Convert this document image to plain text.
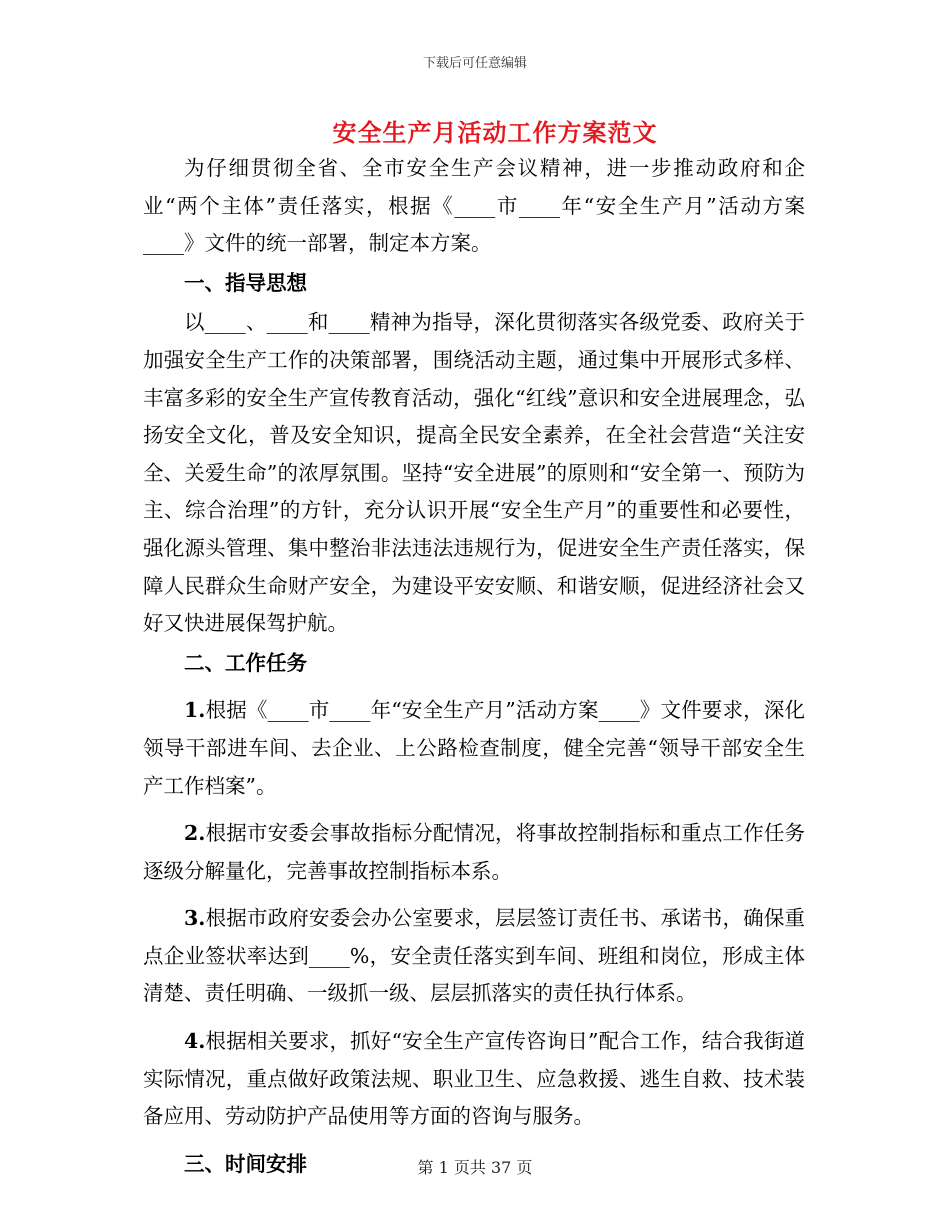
下载后可任意编辑
安全生产月活动工作方案范文

为仔细贯彻全省、全市安全生产会议精神，进一步推动政府和企业“两个主体”责任落实，根据《____市____年“安全生产月”活动方案____》文件的统一部署，制定本方案。

一、指导思想

以____、____和____精神为指导，深化贯彻落实各级党委、政府关于加强安全生产工作的决策部署，围绕活动主题，通过集中开展形式多样、丰富多彩的安全生产宣传教育活动，强化“红线”意识和安全进展理念，弘扬安全文化，普及安全知识，提高全民安全素养，在全社会营造“关注安全、关爱生命”的浓厚氛围。坚持“安全进展”的原则和“安全第一、预防为主、综合治理”的方针，充分认识开展“安全生产月”的重要性和必要性，强化源头管理、集中整治非法违法违规行为，促进安全生产责任落实，保障人民群众生命财产安全，为建设平安安顺、和谐安顺，促进经济社会又好又快进展保驾护航。

二、工作任务

1.根据《____市____年“安全生产月”活动方案____》文件要求，深化领导干部进车间、去企业、上公路检查制度，健全完善“领导干部安全生产工作档案”。

2.根据市安委会事故指标分配情况，将事故控制指标和重点工作任务逐级分解量化，完善事故控制指标本系。

3.根据市政府安委会办公室要求，层层签订责任书、承诺书，确保重点企业签状率达到____%，安全责任落实到车间、班组和岗位，形成主体清楚、责任明确、一级抓一级、层层抓落实的责任执行体系。

4.根据相关要求，抓好“安全生产宣传咨询日”配合工作，结合我街道实际情况，重点做好政策法规、职业卫生、应急救援、逃生自救、技术装备应用、劳动防护产品使用等方面的咨询与服务。

三、时间安排	第 1 页共 37 页
